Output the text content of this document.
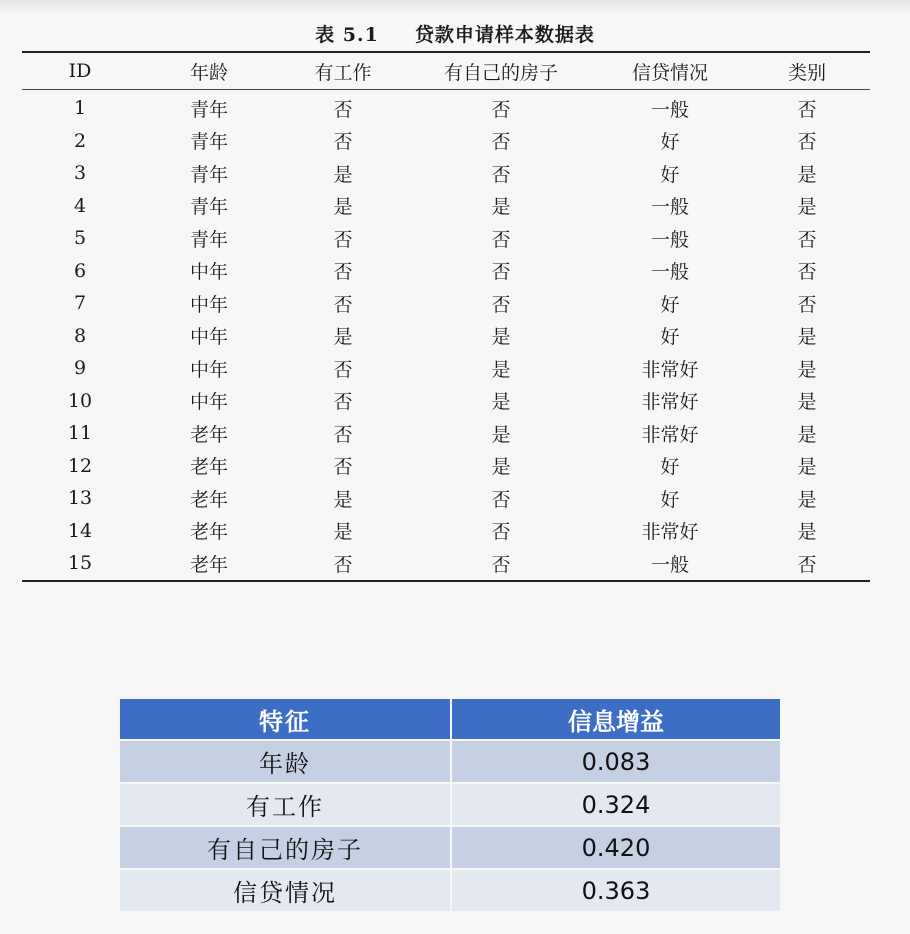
表 5.1 贷款申请样本数据表
ID	年龄	有工作	有自己的房子	信贷情况	类别
1	青年	否	否	一般	否
2	青年	否	否	好	否
3	青年	是	否	好	是
4	青年	是	是	一般	是
5	青年	否	否	一般	否
6	中年	否	否	一般	否
7	中年	否	否	好	否
8	中年	是	是	好	是
9	中年	否	是	非常好	是
10	中年	否	是	非常好	是
11	老年	否	是	非常好	是
12	老年	否	是	好	是
13	老年	是	否	好	是
14	老年	是	否	非常好	是
15	老年	否	否	一般	否
特征	信息增益
年龄	0.083
有工作	0.324
有自己的房子	0.420
信贷情况	0.363
